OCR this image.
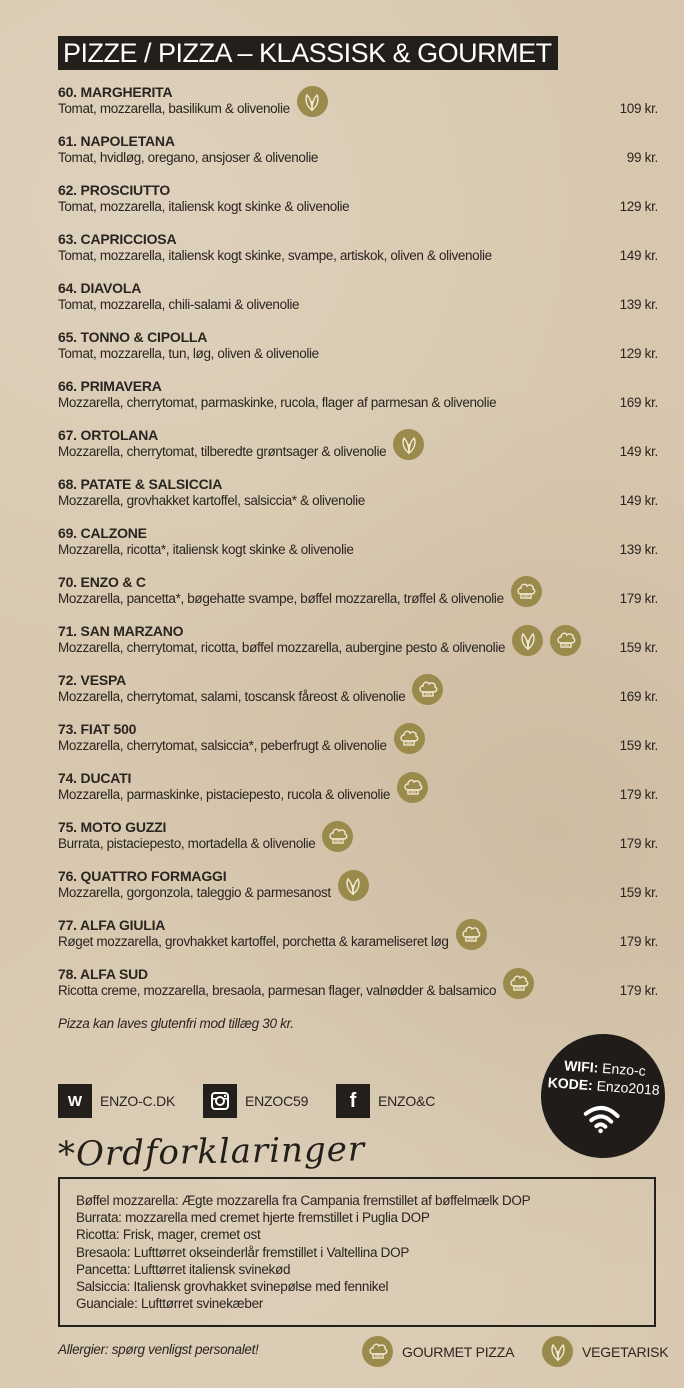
PIZZE / PIZZA – KLASSISK & GOURMET
60. MARGHERITA
Tomat, mozzarella, basilikum & olivenolie	109 kr.
61. NAPOLETANA
Tomat, hvidløg, oregano, ansjoser & olivenolie	99 kr.
62. PROSCIUTTO
Tomat, mozzarella, italiensk kogt skinke & olivenolie	129 kr.
63. CAPRICCIOSA
Tomat, mozzarella, italiensk kogt skinke, svampe, artiskok, oliven & olivenolie	149 kr.
64. DIAVOLA
Tomat, mozzarella, chili-salami & olivenolie	139 kr.
65. TONNO & CIPOLLA
Tomat, mozzarella, tun, løg, oliven & olivenolie	129 kr.
66. PRIMAVERA
Mozzarella, cherrytomat, parmaskinke, rucola, flager af parmesan & olivenolie	169 kr.
67. ORTOLANA
Mozzarella, cherrytomat, tilberedte grøntsager & olivenolie	149 kr.
68. PATATE & SALSICCIA
Mozzarella, grovhakket kartoffel, salsiccia* & olivenolie	149 kr.
69. CALZONE
Mozzarella, ricotta*, italiensk kogt skinke & olivenolie	139 kr.
70. ENZO & C
Mozzarella, pancetta*, bøgehatte svampe, bøffel mozzarella, trøffel & olivenolie	179 kr.
71. SAN MARZANO
Mozzarella, cherrytomat, ricotta, bøffel mozzarella, aubergine pesto & olivenolie	159 kr.
72. VESPA
Mozzarella, cherrytomat, salami, toscansk fåreost & olivenolie	169 kr.
73. FIAT 500
Mozzarella, cherrytomat, salsiccia*, peberfrugt & olivenolie	159 kr.
74. DUCATI
Mozzarella, parmaskinke, pistaciepesto, rucola & olivenolie	179 kr.
75. MOTO GUZZI
Burrata, pistaciepesto, mortadella & olivenolie	179 kr.
76. QUATTRO FORMAGGI
Mozzarella, gorgonzola, taleggio & parmesanost	159 kr.
77. ALFA GIULIA
Røget mozzarella, grovhakket kartoffel, porchetta & karameliseret løg	179 kr.
78. ALFA SUD
Ricotta creme, mozzarella, bresaola, parmesan flager, valnødder & balsamico	179 kr.
Pizza kan laves glutenfri mod tillæg 30 kr.
W	ENZO-C.DK	ENZOC59	f	ENZO&C
WIFI: Enzo-c
KODE: Enzo2018
*Ordforklaringer
Bøffel mozzarella: Ægte mozzarella fra Campania fremstillet af bøffelmælk DOP
Burrata: mozzarella med cremet hjerte fremstillet i Puglia DOP
Ricotta: Frisk, mager, cremet ost
Bresaola: Lufttørret okseinderlår fremstillet i Valtellina DOP
Pancetta: Lufttørret italiensk svinekød
Salsiccia: Italiensk grovhakket svinepølse med fennikel
Guanciale: Lufttørret svinekæber
Allergier: spørg venligst personalet!	GOURMET PIZZA	VEGETARISK
